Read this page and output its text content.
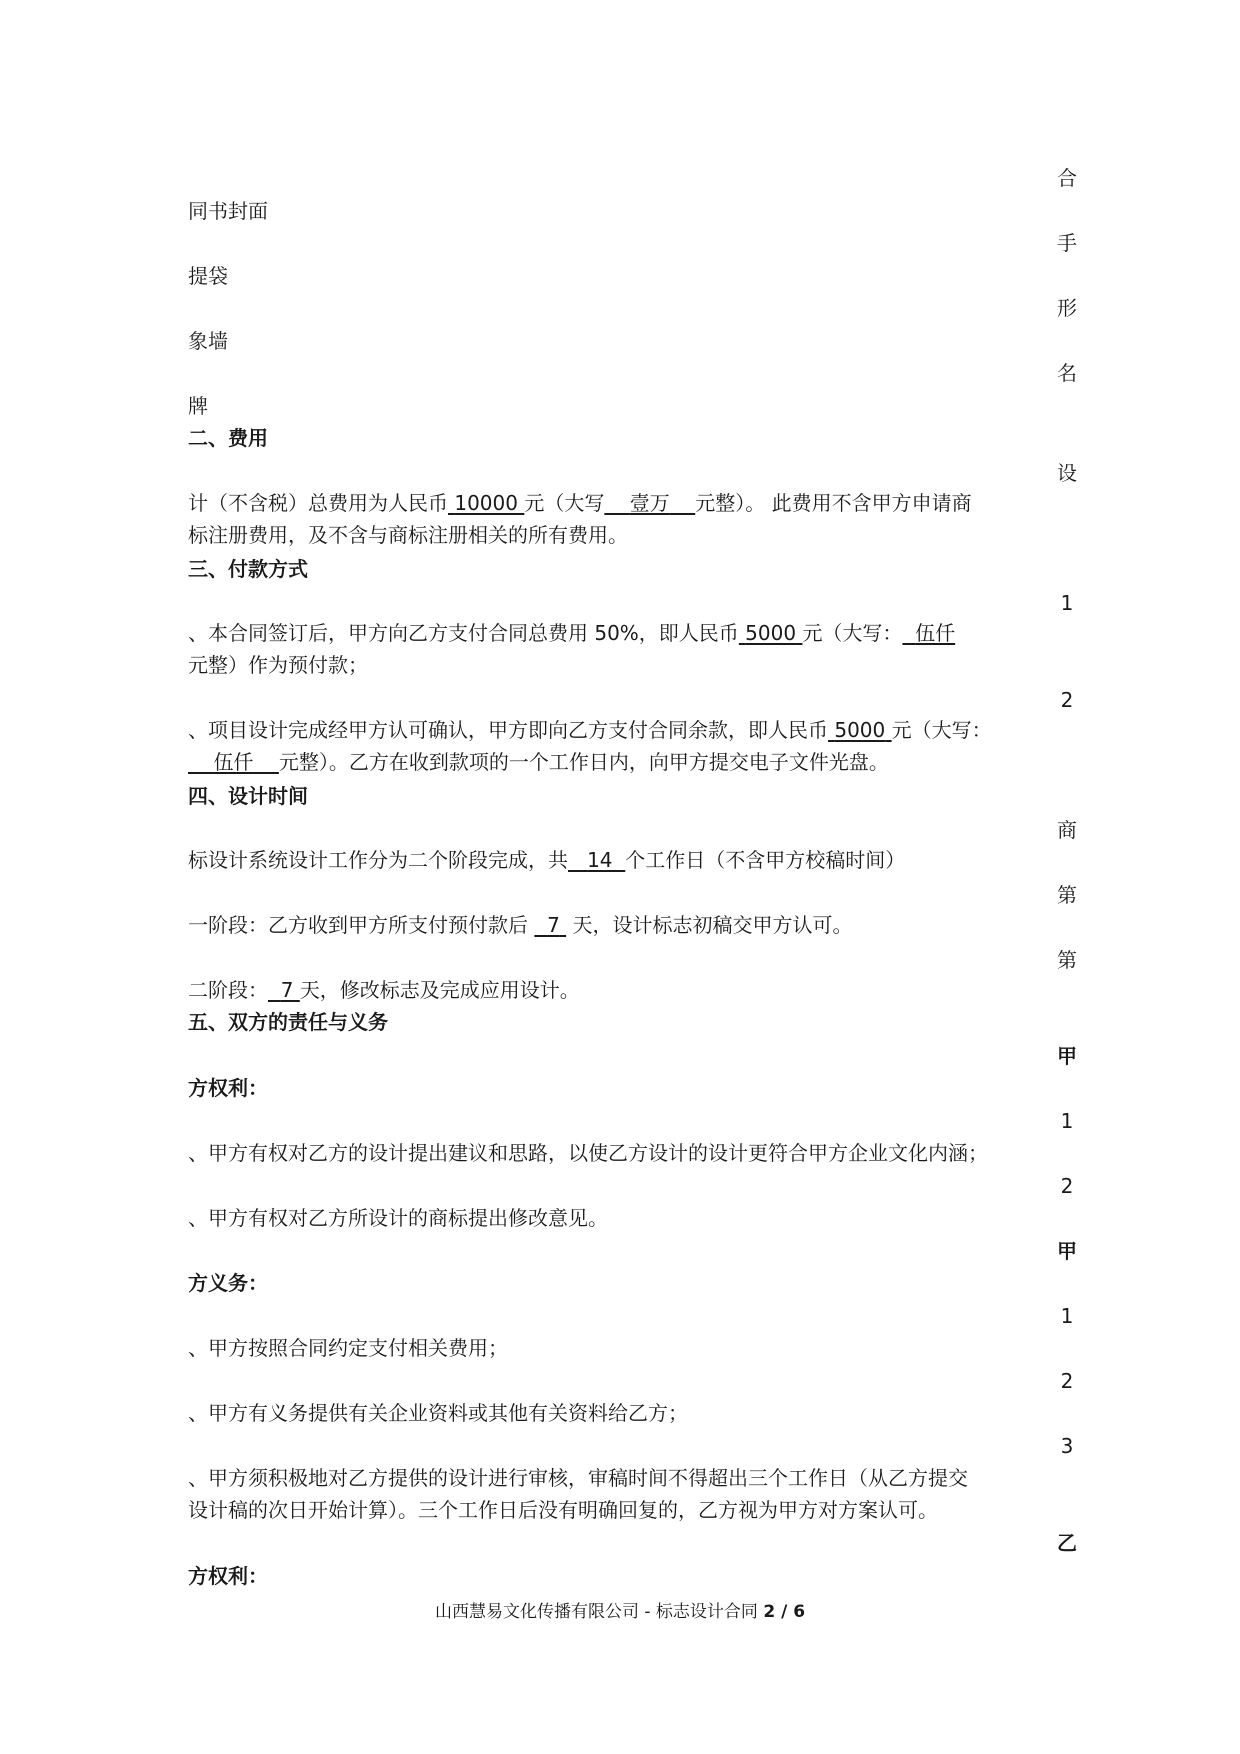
合
手
形
名
设
1
2
商
第
第
甲
1
2
甲
1
2
3
乙
同书封面
提袋
象墙
牌
二、费用
计（不含税）总费用为人民币 10000 元（大写 壹万 元整）。 此费用不含甲方申请商
标注册费用，及不含与商标注册相关的所有费用。
三、付款方式
、本合同签订后，甲方向乙方支付合同总费用 50%，即人民币 5000 元（大写： 伍仟
元整）作为预付款；
、项目设计完成经甲方认可确认，甲方即向乙方支付合同余款，即人民币 5000 元（大写：
伍仟 元整）。乙方在收到款项的一个工作日内，向甲方提交电子文件光盘。
四、设计时间
标设计系统设计工作分为二个阶段完成，共 14 个工作日（不含甲方校稿时间）
一阶段：乙方收到甲方所支付预付款后 7 天，设计标志初稿交甲方认可。
二阶段： 7 天，修改标志及完成应用设计。
五、双方的责任与义务
方权利：
、甲方有权对乙方的设计提出建议和思路，以使乙方设计的设计更符合甲方企业文化内涵；
、甲方有权对乙方所设计的商标提出修改意见。
方义务：
、甲方按照合同约定支付相关费用；
、甲方有义务提供有关企业资料或其他有关资料给乙方；
、甲方须积极地对乙方提供的设计进行审核，审稿时间不得超出三个工作日（从乙方提交
设计稿的次日开始计算）。三个工作日后没有明确回复的，乙方视为甲方对方案认可。
方权利：
山西慧易文化传播有限公司 - 标志设计合同 2 / 6
